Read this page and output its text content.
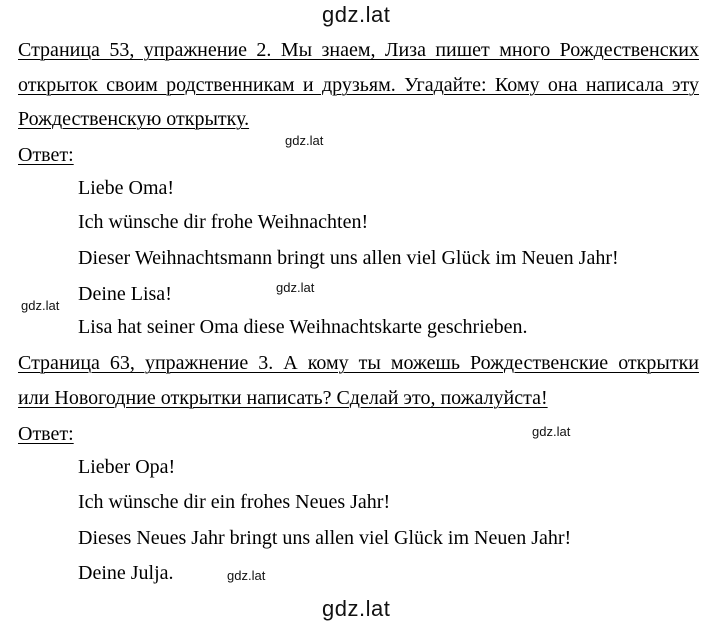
gdz.lat
gdz.lat
gdz.lat
gdz.lat
gdz.lat
gdz.lat
gdz.lat
Страница 53, упражнение 2. Мы знаем, Лиза пишет много Рождественских
открыток своим родственникам и друзьям. Угадайте: Кому она написала эту
Рождественскую открытку.
Ответ:
Liebe Oma!
Ich wünsche dir frohe Weihnachten!
Dieser Weihnachtsmann bringt uns allen viel Glück im Neuen Jahr!
Deine Lisa!
Lisa hat seiner Oma diese Weihnachtskarte geschrieben.
Страница 63, упражнение 3. А кому ты можешь Рождественские открытки
или Новогодние открытки написать? Сделай это, пожалуйста!
Ответ:
Lieber Opa!
Ich wünsche dir ein frohes Neues Jahr!
Dieses Neues Jahr bringt uns allen viel Glück im Neuen Jahr!
Deine Julja.
